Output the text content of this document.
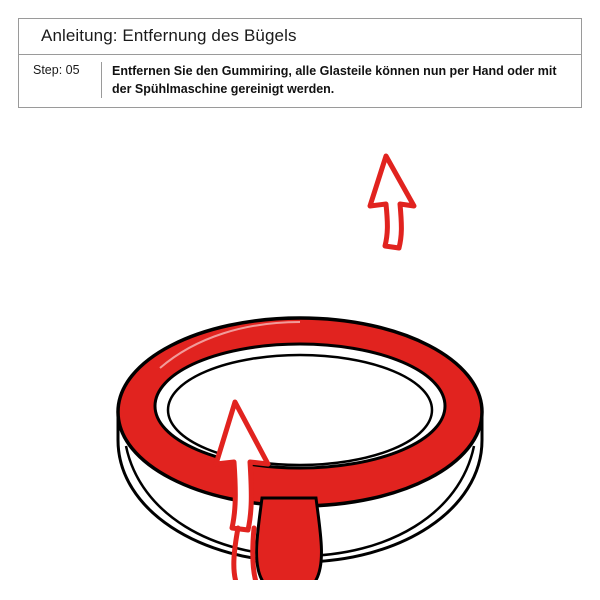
Anleitung: Entfernung des Bügels
Step: 05	Entfernen Sie den Gummiring, alle Glasteile können nun per Hand oder mit der Spühlmaschine gereinigt werden.
